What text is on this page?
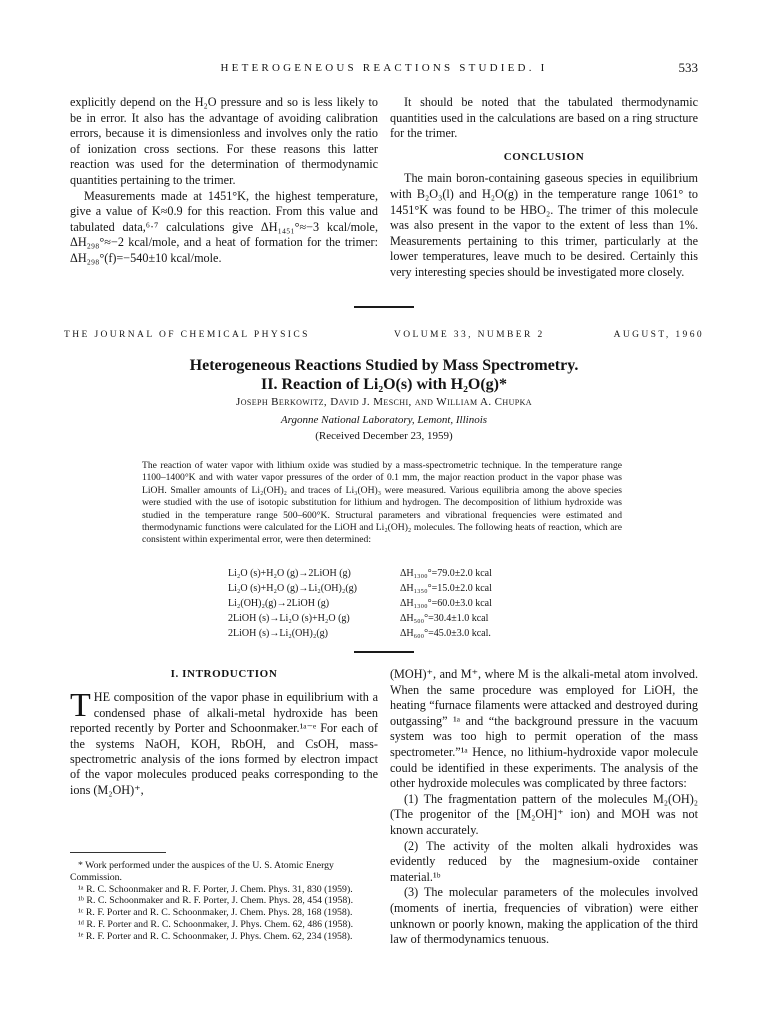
HETEROGENEOUS REACTIONS STUDIED. I	533

explicitly depend on the H₂O pressure and so is less likely to be in error. It also has the advantage of avoiding calibration errors, because it is dimensionless and involves only the ratio of ionization cross sections. For these reasons this latter reaction was used for the determination of thermodynamic quantities pertaining to the trimer.

Measurements made at 1451°K, the highest temperature, give a value of K≈0.9 for this reaction. From this value and tabulated data,⁶·⁷ calculations give ΔH₁₄₅₁°≈−3 kcal/mole, ΔH₂₉₈°≈−2 kcal/mole, and a heat of formation for the trimer: ΔH₂₉₈°(f)=−540±10 kcal/mole.

It should be noted that the tabulated thermodynamic quantities used in the calculations are based on a ring structure for the trimer.

CONCLUSION

The main boron-containing gaseous species in equilibrium with B₂O₃(l) and H₂O(g) in the temperature range 1061° to 1451°K was found to be HBO₂. The trimer of this molecule was also present in the vapor to the extent of less than 1%. Measurements pertaining to this trimer, particularly at the lower temperatures, leave much to be desired. Certainly this very interesting species should be investigated more closely.

THE JOURNAL OF CHEMICAL PHYSICS	VOLUME 33, NUMBER 2	AUGUST, 1960
Heterogeneous Reactions Studied by Mass Spectrometry.
II. Reaction of Li₂O(s) with H₂O(g)*
Joseph Berkowitz, David J. Meschi, and William A. Chupka
Argonne National Laboratory, Lemont, Illinois
(Received December 23, 1959)
The reaction of water vapor with lithium oxide was studied by a mass-spectrometric technique. In the temperature range 1100–1400°K and with water vapor pressures of the order of 0.1 mm, the major reaction product in the vapor phase was LiOH. Smaller amounts of Li₂(OH)₂ and traces of Li₃(OH)₃ were measured. Various equilibria among the above species were studied with the use of isotopic substitution for lithium and hydrogen. The decomposition of lithium hydroxide was studied in the temperature range 500–600°K. Structural parameters and vibrational frequencies were estimated and thermodynamic functions were calculated for the LiOH and Li₂(OH)₂ molecules. The following heats of reaction, which are consistent within experimental error, were then determined:
Li₂O (s)+H₂O (g)→2LiOH (g)	ΔH₁₃₀₀°=79.0±2.0 kcal
Li₂O (s)+H₂O (g)→Li₂(OH)₂(g)	ΔH₁₃₅₀°=15.0±2.0 kcal
Li₂(OH)₂(g)→2LiOH (g)	ΔH₁₃₀₀°=60.0±3.0 kcal
2LiOH (s)→Li₂O (s)+H₂O (g)	ΔH₅₀₀°=30.4±1.0 kcal
2LiOH (s)→Li₂(OH)₂(g)	ΔH₆₀₀°=45.0±3.0 kcal.
I. INTRODUCTION

THE composition of the vapor phase in equilibrium with a condensed phase of alkali-metal hydroxide has been reported recently by Porter and Schoonmaker.¹ᵃ⁻ᵉ For each of the systems NaOH, KOH, RbOH, and CsOH, mass-spectrometric analysis of the ions formed by electron impact of the vapor molecules produced peaks corresponding to the ions (M₂OH)⁺,

* Work performed under the auspices of the U. S. Atomic Energy Commission.

¹ᵃ R. C. Schoonmaker and R. F. Porter, J. Chem. Phys. 31, 830 (1959).

¹ᵇ R. C. Schoonmaker and R. F. Porter, J. Chem. Phys. 28, 454 (1958).

¹ᶜ R. F. Porter and R. C. Schoonmaker, J. Chem. Phys. 28, 168 (1958).

¹ᵈ R. F. Porter and R. C. Schoonmaker, J. Phys. Chem. 62, 486 (1958).

¹ᵉ R. F. Porter and R. C. Schoonmaker, J. Phys. Chem. 62, 234 (1958).

(MOH)⁺, and M⁺, where M is the alkali-metal atom involved. When the same procedure was employed for LiOH, the heating “furnace filaments were attacked and destroyed during outgassing” ¹ᵃ and “the background pressure in the vacuum system was too high to permit operation of the mass spectrometer.”¹ᵃ Hence, no lithium-hydroxide vapor molecule could be identified in these experiments. The analysis of the other hydroxide molecules was complicated by three factors:

(1) The fragmentation pattern of the molecules M₂(OH)₂ (The progenitor of the [M₂OH]⁺ ion) and MOH was not known accurately.

(2) The activity of the molten alkali hydroxides was evidently reduced by the magnesium-oxide container material.¹ᵇ

(3) The molecular parameters of the molecules involved (moments of inertia, frequencies of vibration) were either unknown or poorly known, making the application of the third law of thermodynamics tenuous.
